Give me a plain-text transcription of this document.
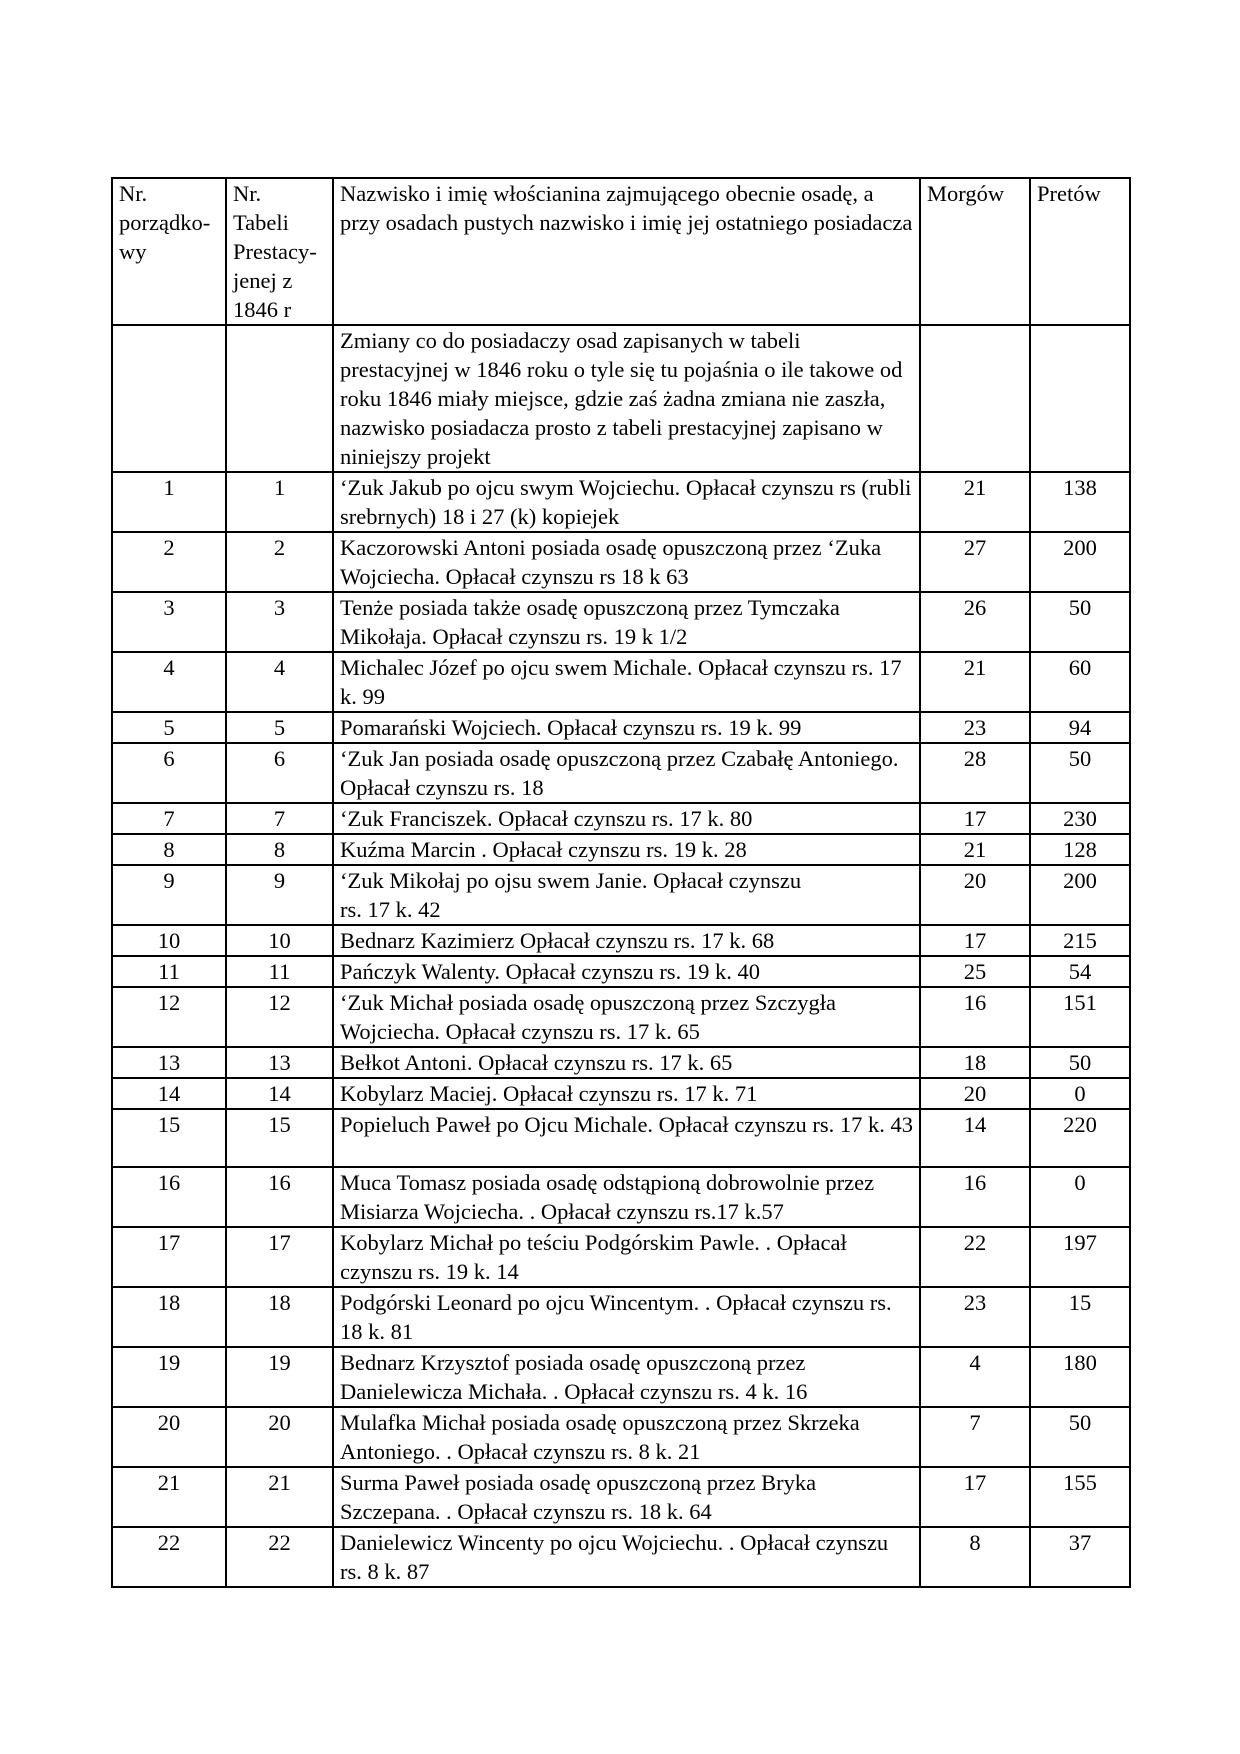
Nr.
porządko-
wy	Nr.
Tabeli
Prestacy-
jenej z
1846 r	Nazwisko i imię włościanina zajmującego obecnie osadę, a przy osadach pustych nazwisko i imię jej ostatniego posiadacza	Morgów	Pretów
		Zmiany co do posiadaczy osad zapisanych w tabeli prestacyjnej w 1846 roku o tyle się tu pojaśnia o ile takowe od roku 1846 miały miejsce, gdzie zaś żadna zmiana nie zaszła, nazwisko posiadacza prosto z tabeli prestacyjnej zapisano w niniejszy projekt		
1	1	‘Zuk Jakub po ojcu swym Wojciechu. Opłacał czynszu rs (rubli srebrnych) 18 i 27 (k) kopiejek	21	138
2	2	Kaczorowski Antoni posiada osadę opuszczoną przez ‘Zuka Wojciecha. Opłacał czynszu rs 18 k 63	27	200
3	3	Tenże posiada także osadę opuszczoną przez Tymczaka Mikołaja. Opłacał czynszu rs. 19 k 1/2	26	50
4	4	Michalec Józef po ojcu swem Michale. Opłacał czynszu rs. 17 k. 99	21	60
5	5	Pomarański Wojciech. Opłacał czynszu rs. 19 k. 99	23	94
6	6	‘Zuk Jan posiada osadę opuszczoną przez Czabałę Antoniego. Opłacał czynszu rs. 18	28	50
7	7	‘Zuk Franciszek. Opłacał czynszu rs. 17 k. 80	17	230
8	8	Kuźma Marcin . Opłacał czynszu rs. 19 k. 28	21	128
9	9	‘Zuk Mikołaj po ojsu swem Janie. Opłacał czynszu
rs. 17 k. 42	20	200
10	10	Bednarz Kazimierz Opłacał czynszu rs. 17 k. 68	17	215
11	11	Pańczyk Walenty. Opłacał czynszu rs. 19 k. 40	25	54
12	12	‘Zuk Michał posiada osadę opuszczoną przez Szczygła Wojciecha. Opłacał czynszu rs. 17 k. 65	16	151
13	13	Bełkot Antoni. Opłacał czynszu rs. 17 k. 65	18	50
14	14	Kobylarz Maciej. Opłacał czynszu rs. 17 k. 71	20	0
15	15	Popieluch Paweł po Ojcu Michale. Opłacał czynszu rs. 17 k. 43	14	220
16	16	Muca Tomasz posiada osadę odstąpioną dobrowolnie przez Misiarza Wojciecha. . Opłacał czynszu rs.17 k.57	16	0
17	17	Kobylarz Michał po teściu Podgórskim Pawle. . Opłacał czynszu rs. 19 k. 14	22	197
18	18	Podgórski Leonard po ojcu Wincentym. . Opłacał czynszu rs. 18 k. 81	23	15
19	19	Bednarz Krzysztof posiada osadę opuszczoną przez Danielewicza Michała. . Opłacał czynszu rs. 4 k. 16	4	180
20	20	Mulafka Michał posiada osadę opuszczoną przez Skrzeka Antoniego. . Opłacał czynszu rs. 8 k. 21	7	50
21	21	Surma Paweł posiada osadę opuszczoną przez Bryka Szczepana. . Opłacał czynszu rs. 18 k. 64	17	155
22	22	Danielewicz Wincenty po ojcu Wojciechu. . Opłacał czynszu rs. 8 k. 87	8	37
